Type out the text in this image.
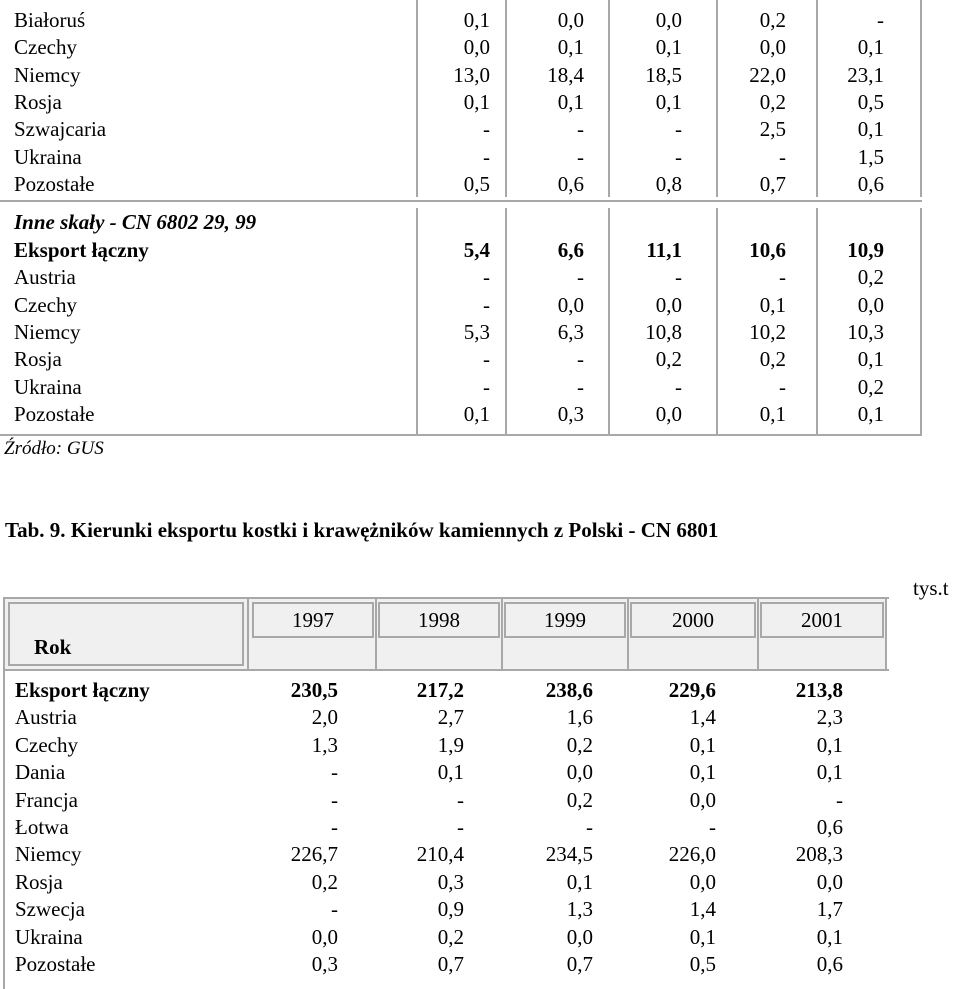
Białoruś	0,1	0,0	0,0	0,2	-
Czechy	0,0	0,1	0,1	0,0	0,1
Niemcy	13,0	18,4	18,5	22,0	23,1
Rosja	0,1	0,1	0,1	0,2	0,5
Szwajcaria	-	-	-	2,5	0,1
Ukraina	-	-	-	-	1,5
Pozostałe	0,5	0,6	0,8	0,7	0,6
Inne skały - CN 6802 29, 99
Eksport łączny	5,4	6,6	11,1	10,6	10,9
Austria	-	-	-	-	0,2
Czechy	-	0,0	0,0	0,1	0,0
Niemcy	5,3	6,3	10,8	10,2	10,3
Rosja	-	-	0,2	0,2	0,1
Ukraina	-	-	-	-	0,2
Pozostałe	0,1	0,3	0,0	0,1	0,1
Źródło: GUS
Tab. 9. Kierunki eksportu kostki i krawężników kamiennych z Polski - CN 6801
tys.t
Rok
1997	1998	1999	2000	2001
Eksport łączny	230,5	217,2	238,6	229,6	213,8
Austria	2,0	2,7	1,6	1,4	2,3
Czechy	1,3	1,9	0,2	0,1	0,1
Dania	-	0,1	0,0	0,1	0,1
Francja	-	-	0,2	0,0	-
Łotwa	-	-	-	-	0,6
Niemcy	226,7	210,4	234,5	226,0	208,3
Rosja	0,2	0,3	0,1	0,0	0,0
Szwecja	-	0,9	1,3	1,4	1,7
Ukraina	0,0	0,2	0,0	0,1	0,1
Pozostałe	0,3	0,7	0,7	0,5	0,6
